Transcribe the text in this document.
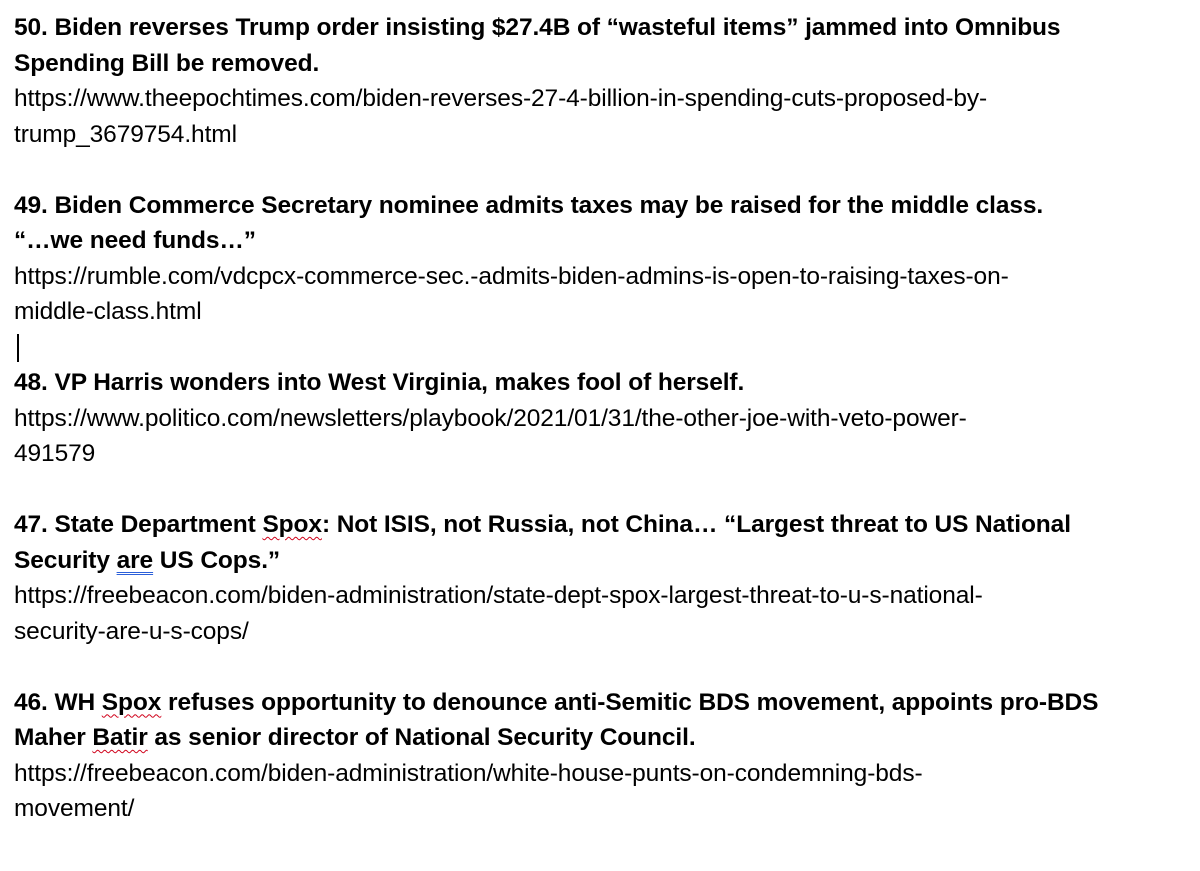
50. Biden reverses Trump order insisting $27.4B of “wasteful items” jammed into Omnibus
Spending Bill be removed.
https://www.theepochtimes.com/biden-reverses-27-4-billion-in-spending-cuts-proposed-by-
trump_3679754.html
49. Biden Commerce Secretary nominee admits taxes may be raised for the middle class.
“…we need funds…”
https://rumble.com/vdcpcx-commerce-sec.-admits-biden-admins-is-open-to-raising-taxes-on-
middle-class.html
48. VP Harris wonders into West Virginia, makes fool of herself.
https://www.politico.com/newsletters/playbook/2021/01/31/the-other-joe-with-veto-power-
491579
47. State Department Spox: Not ISIS, not Russia, not China… “Largest threat to US National
Security are US Cops.”
https://freebeacon.com/biden-administration/state-dept-spox-largest-threat-to-u-s-national-
security-are-u-s-cops/
46. WH Spox refuses opportunity to denounce anti-Semitic BDS movement, appoints pro-BDS
Maher Batir as senior director of National Security Council.
https://freebeacon.com/biden-administration/white-house-punts-on-condemning-bds-
movement/
